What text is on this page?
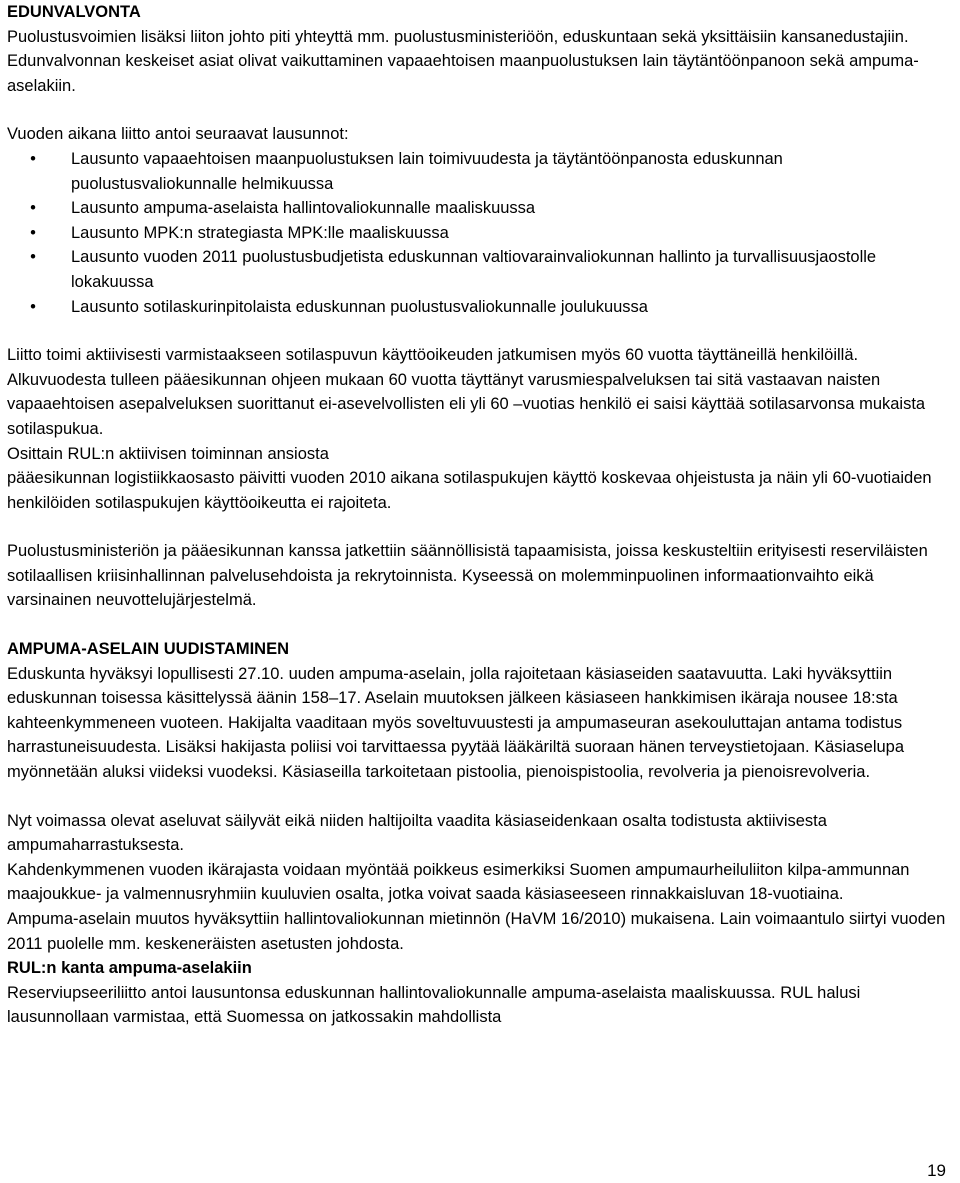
EDUNVALVONTA

Puolustusvoimien lisäksi liiton johto piti yhteyttä mm. puolustusministeriöön, eduskuntaan sekä yksittäisiin kansanedustajiin. Edunvalvonnan keskeiset asiat olivat vaikuttaminen vapaaehtoisen maanpuolustuksen lain täytäntöönpanoon sekä ampuma-aselakiin.

Vuoden aikana liitto antoi seuraavat lausunnot:

• Lausunto vapaaehtoisen maanpuolustuksen lain toimivuudesta ja täytäntöönpanosta eduskunnan puolustusvaliokunnalle helmikuussa
• Lausunto ampuma-aselaista hallintovaliokunnalle maaliskuussa
• Lausunto MPK:n strategiasta MPK:lle maaliskuussa
• Lausunto vuoden 2011 puolustusbudjetista eduskunnan valtiovarainvaliokunnan hallinto ja turvallisuusjaostolle lokakuussa
• Lausunto sotilaskurinpitolaista eduskunnan puolustusvaliokunnalle joulukuussa

Liitto toimi aktiivisesti varmistaakseen sotilaspuvun käyttöoikeuden jatkumisen myös 60 vuotta täyttäneillä henkilöillä. Alkuvuodesta tulleen pääesikunnan ohjeen mukaan 60 vuotta täyttänyt varusmiespalveluksen tai sitä vastaavan naisten vapaaehtoisen asepalveluksen suorittanut ei-asevelvollisten eli yli 60 –vuotias henkilö ei saisi käyttää sotilasarvonsa mukaista sotilaspukua.

Osittain RUL:n aktiivisen toiminnan ansiosta

pääesikunnan logistiikkaosasto päivitti vuoden 2010 aikana sotilaspukujen käyttö koskevaa ohjeistusta ja näin yli 60-vuotiaiden henkilöiden sotilaspukujen käyttöoikeutta ei rajoiteta.

Puolustusministeriön ja pääesikunnan kanssa jatkettiin säännöllisistä tapaamisista, joissa keskusteltiin erityisesti reserviläisten sotilaallisen kriisinhallinnan palvelusehdoista ja rekrytoinnista. Kyseessä on molemminpuolinen informaationvaihto eikä varsinainen neuvottelujärjestelmä.

AMPUMA-ASELAIN UUDISTAMINEN

Eduskunta hyväksyi lopullisesti 27.10. uuden ampuma-aselain, jolla rajoitetaan käsiaseiden saatavuutta. Laki hyväksyttiin eduskunnan toisessa käsittelyssä äänin 158–17. Aselain muutoksen jälkeen käsiaseen hankkimisen ikäraja nousee 18:sta kahteenkymmeneen vuoteen. Hakijalta vaaditaan myös soveltuvuustesti ja ampumaseuran asekouluttajan antama todistus harrastuneisuudesta. Lisäksi hakijasta poliisi voi tarvittaessa pyytää lääkäriltä suoraan hänen terveystietojaan. Käsiaselupa myönnetään aluksi viideksi vuodeksi. Käsiaseilla tarkoitetaan pistoolia, pienoispistoolia, revolveria ja pienoisrevolveria.

Nyt voimassa olevat aseluvat säilyvät eikä niiden haltijoilta vaadita käsiaseidenkaan osalta todistusta aktiivisesta ampumaharrastuksesta.

Kahdenkymmenen vuoden ikärajasta voidaan myöntää poikkeus esimerkiksi Suomen ampumaurheiluliiton kilpa-ammunnan maajoukkue- ja valmennusryhmiin kuuluvien osalta, jotka voivat saada käsiaseeseen rinnakkaisluvan 18-vuotiaina.

Ampuma-aselain muutos hyväksyttiin hallintovaliokunnan mietinnön (HaVM 16/2010) mukaisena. Lain voimaantulo siirtyi vuoden 2011 puolelle mm. keskeneräisten asetusten johdosta.

RUL:n kanta ampuma-aselakiin

Reserviupseeriliitto antoi lausuntonsa eduskunnan hallintovaliokunnalle ampuma-aselaista maaliskuussa. RUL halusi lausunnollaan varmistaa, että Suomessa on jatkossakin mahdollista

19
